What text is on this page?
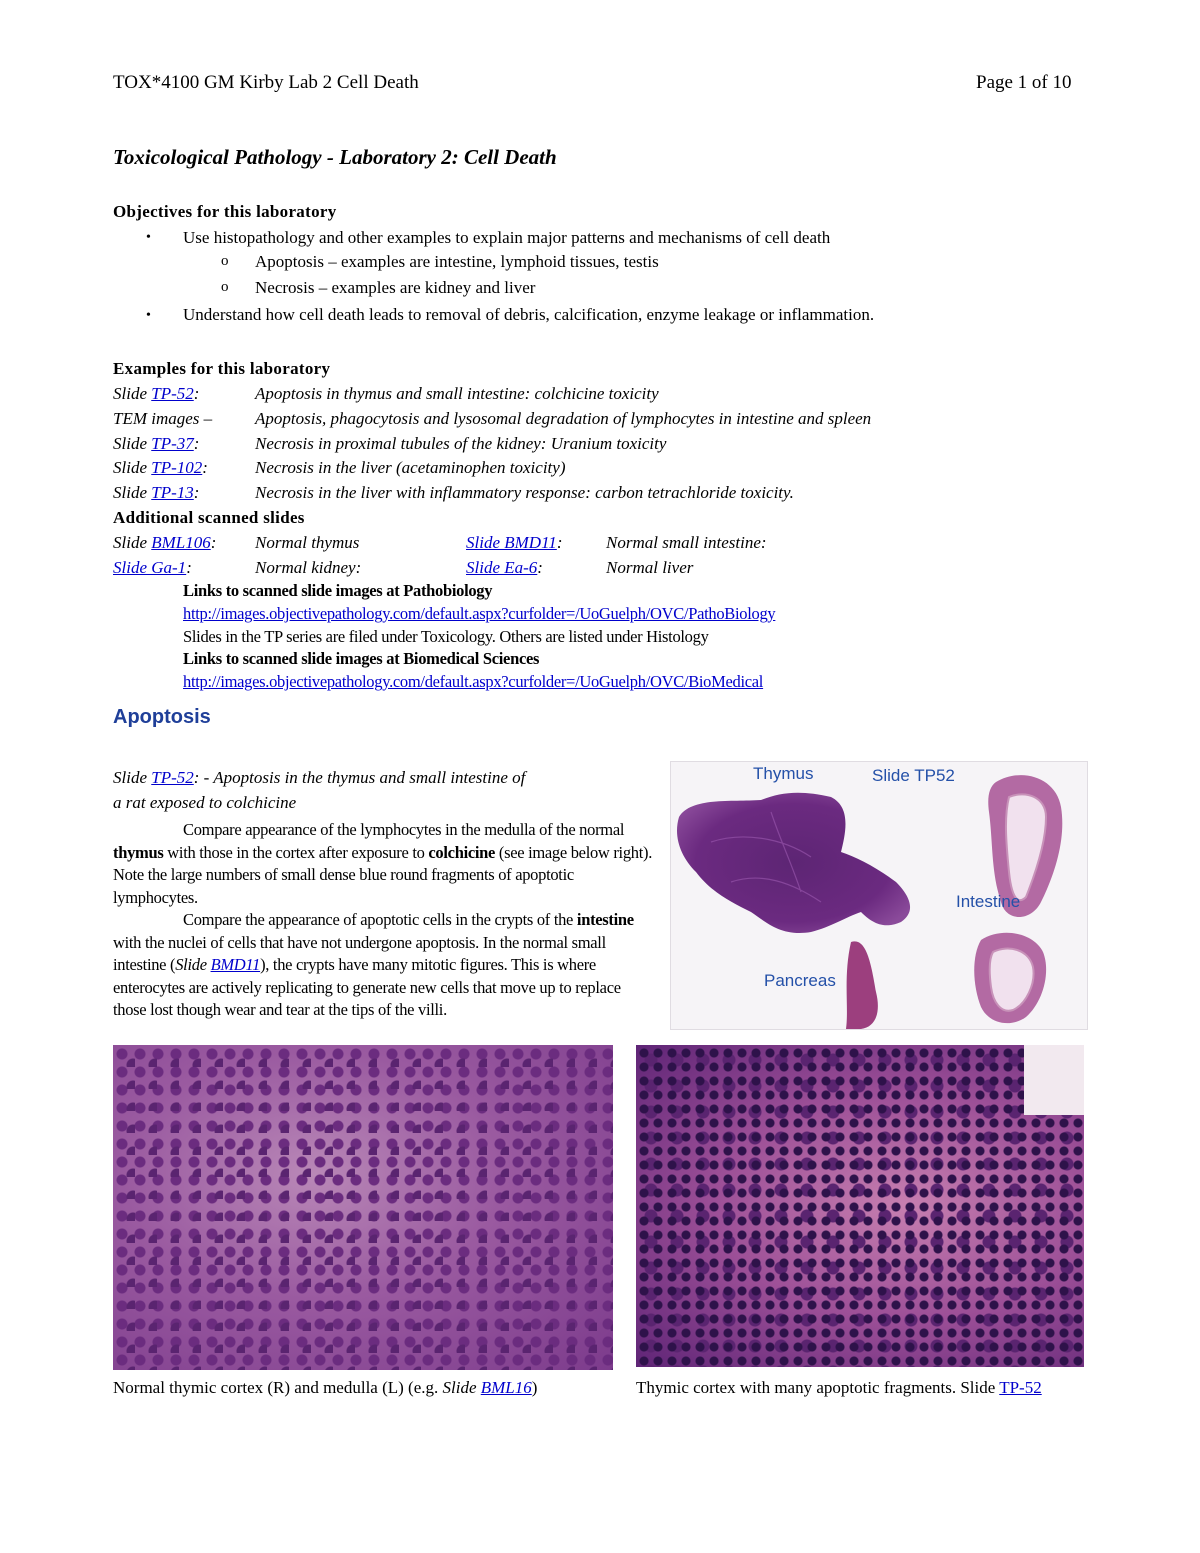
TOX*4100 GM Kirby Lab 2 Cell Death	Page 1 of 10
Toxicological Pathology - Laboratory 2: Cell Death
Objectives for this laboratory
• Use histopathology and other examples to explain major patterns and mechanisms of cell death
o Apoptosis – examples are intestine, lymphoid tissues, testis
o Necrosis – examples are kidney and liver
• Understand how cell death leads to removal of debris, calcification, enzyme leakage or inflammation.
Examples for this laboratory
Slide TP-52:	Apoptosis in thymus and small intestine: colchicine toxicity
TEM images –	Apoptosis, phagocytosis and lysosomal degradation of lymphocytes in intestine and spleen
Slide TP-37:	Necrosis in proximal tubules of the kidney: Uranium toxicity
Slide TP-102:	Necrosis in the liver (acetaminophen toxicity)
Slide TP-13:	Necrosis in the liver with inflammatory response: carbon tetrachloride toxicity.
Additional scanned slides
Slide BML106: Normal thymus	Slide BMD11:	Normal small intestine:
Slide Ga-1:	Normal kidney:	Slide Ea-6:	Normal liver
Links to scanned slide images at Pathobiology
http://images.objectivepathology.com/default.aspx?curfolder=/UoGuelph/OVC/PathoBiology
Slides in the TP series are filed under Toxicology. Others are listed under Histology
Links to scanned slide images at Biomedical Sciences
http://images.objectivepathology.com/default.aspx?curfolder=/UoGuelph/OVC/BioMedical
Apoptosis
Slide TP-52: - Apoptosis in the thymus and small intestine of
a rat exposed to colchicine
Compare appearance of the lymphocytes in the medulla of the normal thymus with those in the cortex after exposure to colchicine (see image below right). Note the large numbers of small dense blue round fragments of apoptotic lymphocytes.
Compare the appearance of apoptotic cells in the crypts of the intestine with the nuclei of cells that have not undergone apoptosis. In the normal small intestine (Slide BMD11), the crypts have many mitotic figures. This is where enterocytes are actively replicating to generate new cells that move up to replace those lost though wear and tear at the tips of the villi.
Thymus	Slide TP52
Intestine
Pancreas
Normal thymic cortex (R) and medulla (L) (e.g. Slide BML16)	Thymic cortex with many apoptotic fragments. Slide TP-52
